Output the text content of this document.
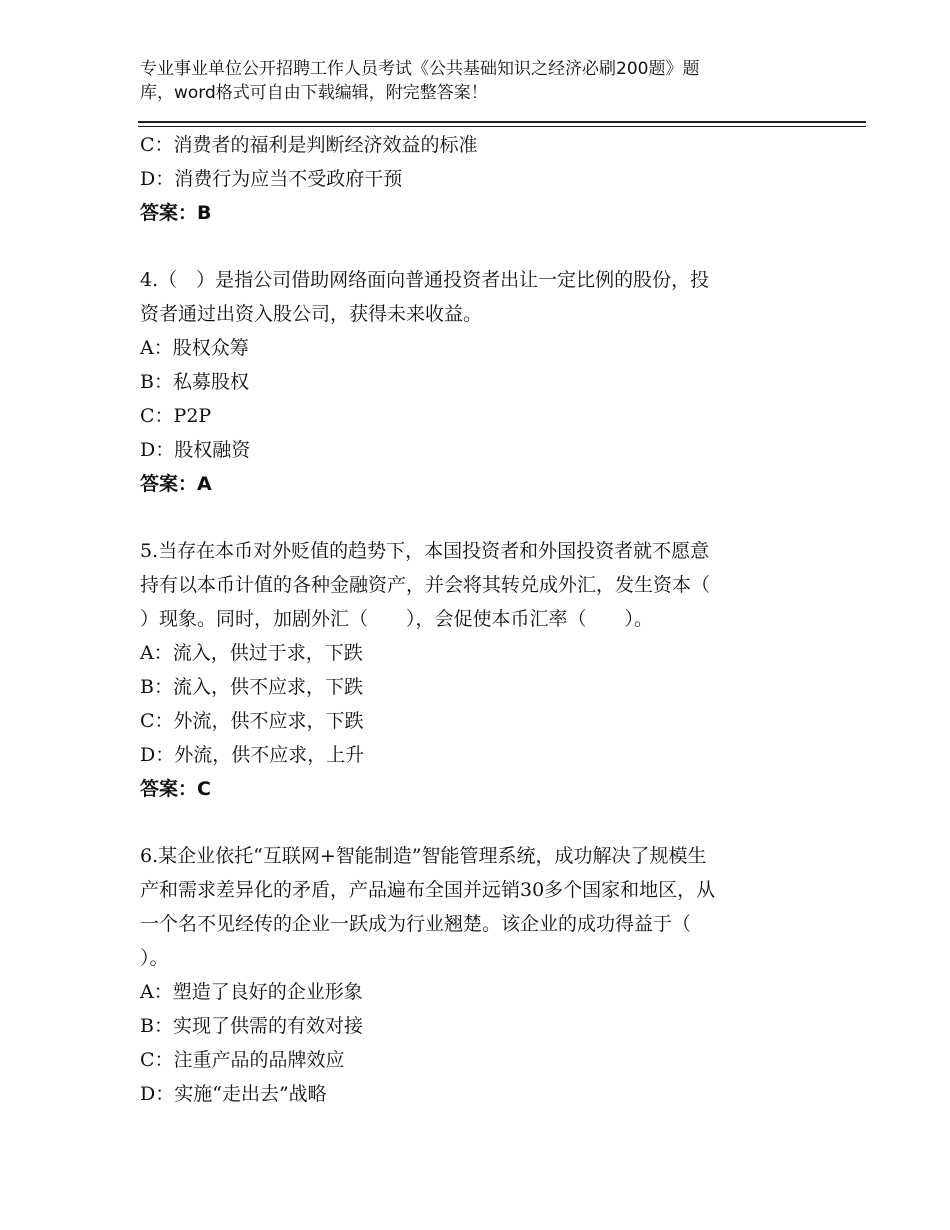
专业事业单位公开招聘工作人员考试《公共基础知识之经济必刷200题》题
库，word格式可自由下载编辑，附完整答案！
C：消费者的福利是判断经济效益的标准
D：消费行为应当不受政府干预
答案：B
4.（　）是指公司借助网络面向普通投资者出让一定比例的股份，投
资者通过出资入股公司，获得未来收益。
A：股权众筹
B：私募股权
C：P2P
D：股权融资
答案：A
5.当存在本币对外贬值的趋势下，本国投资者和外国投资者就不愿意
持有以本币计值的各种金融资产，并会将其转兑成外汇，发生资本（
）现象。同时，加剧外汇（　　），会促使本币汇率（　　）。
A：流入，供过于求，下跌
B：流入，供不应求，下跌
C：外流，供不应求，下跌
D：外流，供不应求，上升
答案：C
6.某企业依托“互联网+智能制造”智能管理系统，成功解决了规模生
产和需求差异化的矛盾，产品遍布全国并远销30多个国家和地区，从
一个名不见经传的企业一跃成为行业翘楚。该企业的成功得益于（
）。
A：塑造了良好的企业形象
B：实现了供需的有效对接
C：注重产品的品牌效应
D：实施“走出去”战略
